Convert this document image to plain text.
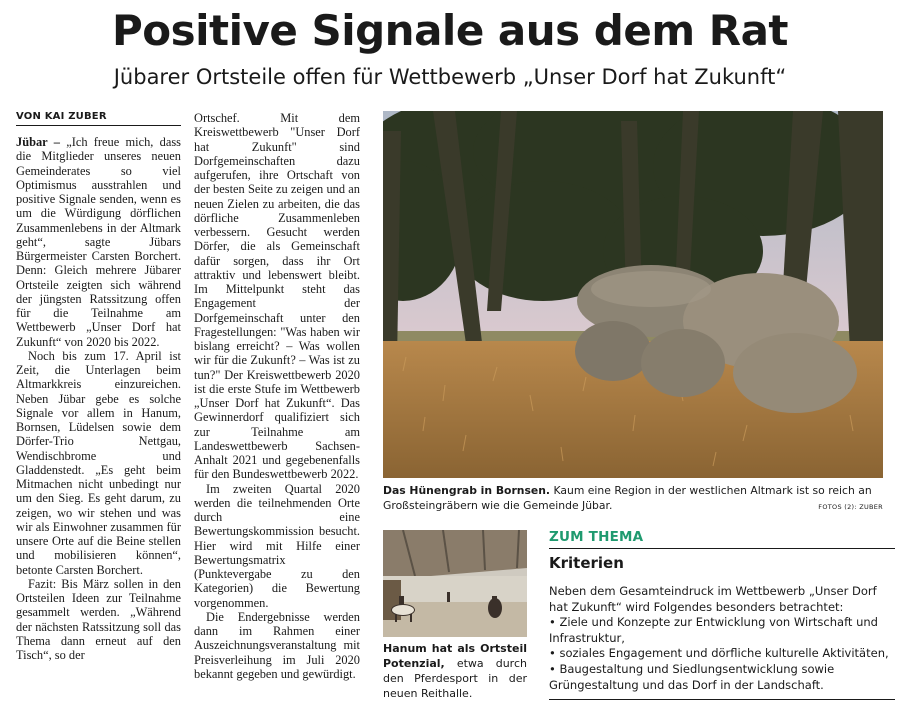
Positive Signale aus dem Rat
Jübarer Ortsteile offen für Wettbewerb „Unser Dorf hat Zukunft“
VON KAI ZUBER

Jübar – „Ich freue mich, dass die Mitglieder unseres neuen Gemeinderates so viel Optimismus ausstrahlen und positive Signale senden, wenn es um die Würdigung dörflichen Zusammenlebens in der Altmark geht“, sagte Jübars Bürgermeister Carsten Borchert. Denn: Gleich mehrere Jübarer Ortsteile zeigten sich während der jüngsten Ratssitzung offen für die Teilnahme am Wettbewerb „Unser Dorf hat Zukunft“ von 2020 bis 2022.

Noch bis zum 17. April ist Zeit, die Unterlagen beim Altmarkkreis einzureichen. Neben Jübar gebe es solche Signale vor allem in Hanum, Bornsen, Lüdelsen sowie dem Dörfer-Trio Nettgau, Wendischbrome und Gladdenstedt. „Es geht beim Mitmachen nicht unbedingt nur um den Sieg. Es geht darum, zu zeigen, wo wir stehen und was wir als Einwohner zusammen für unsere Orte auf die Beine stellen und mobilisieren können“, betonte Carsten Borchert.

Fazit: Bis März sollen in den Ortsteilen Ideen zur Teilnahme gesammelt werden. „Während der nächsten Ratssitzung soll das Thema dann erneut auf den Tisch“, so der

Ortschef. Mit dem Kreiswettbewerb "Unser Dorf hat Zukunft" sind Dorfgemeinschaften dazu aufgerufen, ihre Ortschaft von der besten Seite zu zeigen und an neuen Zielen zu arbeiten, die das dörfliche Zusammenleben verbessern. Gesucht werden Dörfer, die als Gemeinschaft dafür sorgen, dass ihr Ort attraktiv und lebenswert bleibt. Im Mittelpunkt steht das Engagement der Dorfgemeinschaft unter den Fragestellungen: "Was haben wir bislang erreicht? – Was wollen wir für die Zukunft? – Was ist zu tun?" Der Kreiswettbewerb 2020 ist die erste Stufe im Wettbewerb „Unser Dorf hat Zukunft“. Das Gewinnerdorf qualifiziert sich zur Teilnahme am Landeswettbewerb Sachsen-Anhalt 2021 und gegebenenfalls für den Bundeswettbewerb 2022.

Im zweiten Quartal 2020 werden die teilnehmenden Orte durch eine Bewertungskommission besucht. Hier wird mit Hilfe einer Bewertungsmatrix (Punktevergabe zu den Kategorien) die Bewertung vorgenommen.

Die Endergebnisse werden dann im Rahmen einer Auszeichnungsveranstaltung mit Preisverleihung im Juli 2020 bekannt gegeben und gewürdigt.

Das Hünengrab in Bornsen. Kaum eine Region in der westlichen Altmark ist so reich an Großsteingräbern wie die Gemeinde Jübar.	FOTOS (2): ZUBER
Hanum hat als Ortsteil Potenzial, etwa durch den Pferdesport in der neuen Reithalle.
ZUM THEMA
Kriterien
Neben dem Gesamteindruck im Wettbewerb „Unser Dorf hat Zukunft“ wird Folgendes besonders betrachtet:
• Ziele und Konzepte zur Entwicklung von Wirtschaft und Infrastruktur,
• soziales Engagement und dörfliche kulturelle Aktivitäten,
• Baugestaltung und Siedlungsentwicklung sowie Grüngestaltung und das Dorf in der Landschaft.
